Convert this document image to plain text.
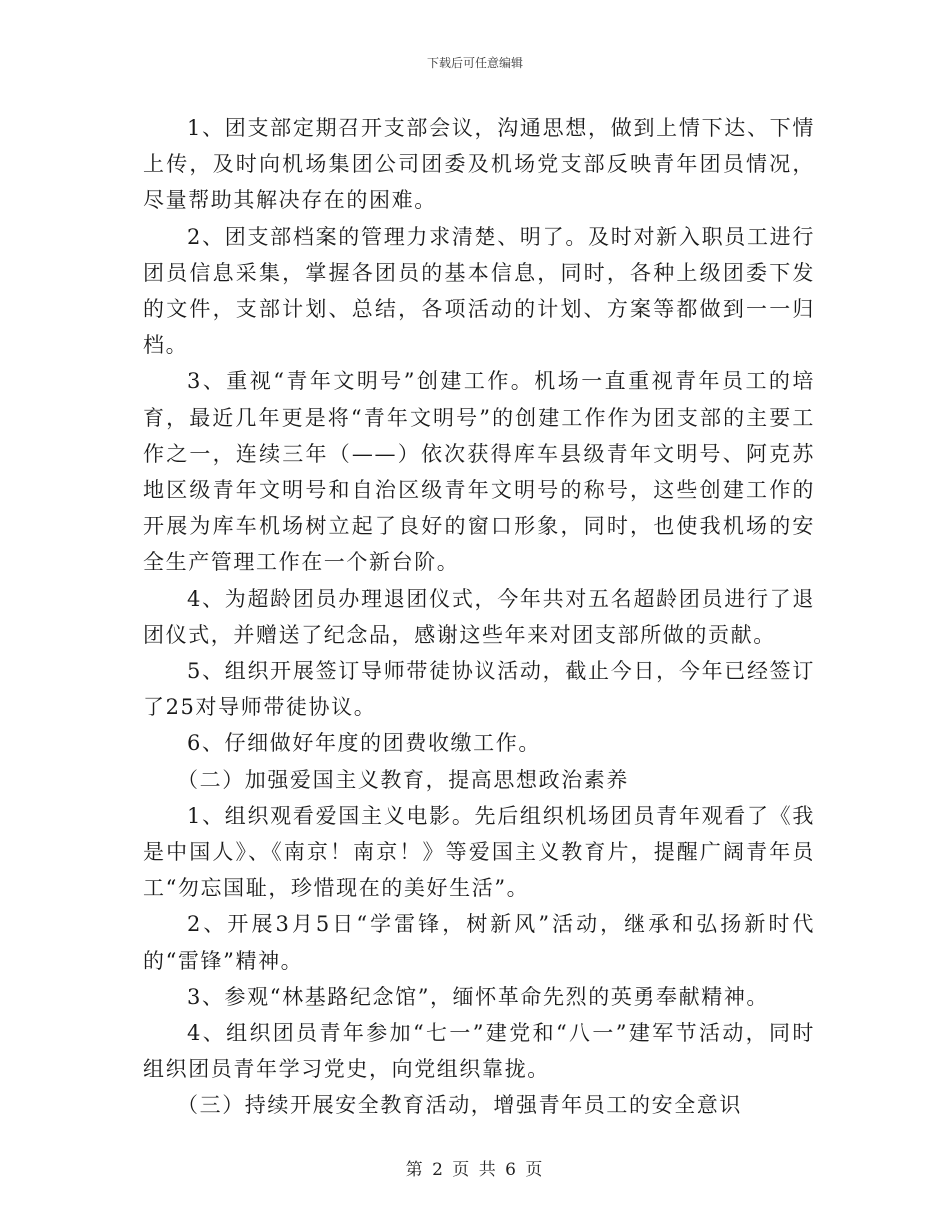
下载后可任意编辑

1、团支部定期召开支部会议，沟通思想，做到上情下达、下情上传，及时向机场集团公司团委及机场党支部反映青年团员情况，尽量帮助其解决存在的困难。

2、团支部档案的管理力求清楚、明了。及时对新入职员工进行团员信息采集，掌握各团员的基本信息，同时，各种上级团委下发的文件，支部计划、总结，各项活动的计划、方案等都做到一一归档。

3、重视“青年文明号”创建工作。机场一直重视青年员工的培育，最近几年更是将“青年文明号”的创建工作作为团支部的主要工作之一，连续三年（——）依次获得库车县级青年文明号、阿克苏地区级青年文明号和自治区级青年文明号的称号，这些创建工作的开展为库车机场树立起了良好的窗口形象，同时，也使我机场的安全生产管理工作在一个新台阶。

4、为超龄团员办理退团仪式，今年共对五名超龄团员进行了退团仪式，并赠送了纪念品，感谢这些年来对团支部所做的贡献。

5、组织开展签订导师带徒协议活动，截止今日，今年已经签订了25对导师带徒协议。

6、仔细做好年度的团费收缴工作。

（二）加强爱国主义教育，提高思想政治素养

1、组织观看爱国主义电影。先后组织机场团员青年观看了《我是中国人》、《南京！南京！》等爱国主义教育片，提醒广阔青年员工“勿忘国耻，珍惜现在的美好生活”。

2、开展3月5日“学雷锋，树新风”活动，继承和弘扬新时代的“雷锋”精神。

3、参观“林基路纪念馆”，缅怀革命先烈的英勇奉献精神。

4、组织团员青年参加“七一”建党和“八一”建军节活动，同时组织团员青年学习党史，向党组织靠拢。

（三）持续开展安全教育活动，增强青年员工的安全意识

第 2 页 共 6 页
